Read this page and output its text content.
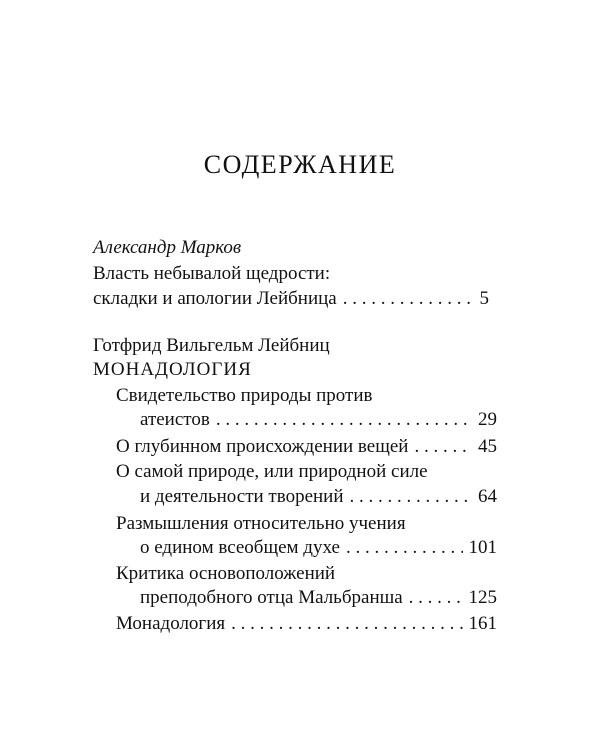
СОДЕРЖАНИЕ
Александр Марков
Власть небывалой щедрости:
складки и апологии Лейбница . . .	5
Готфрид Вильгельм Лейбниц
МОНАДОЛОГИЯ
Свидетельство природы против
атеистов . . .	29
О глубинном происхождении вещей . . .	45
О самой природе, или природной силе
и деятельности творений . . .	64
Размышления относительно учения
о едином всеобщем духе . . .	101
Критика основоположений
преподобного отца Мальбранша . . .	125
Монадология . . .	161
